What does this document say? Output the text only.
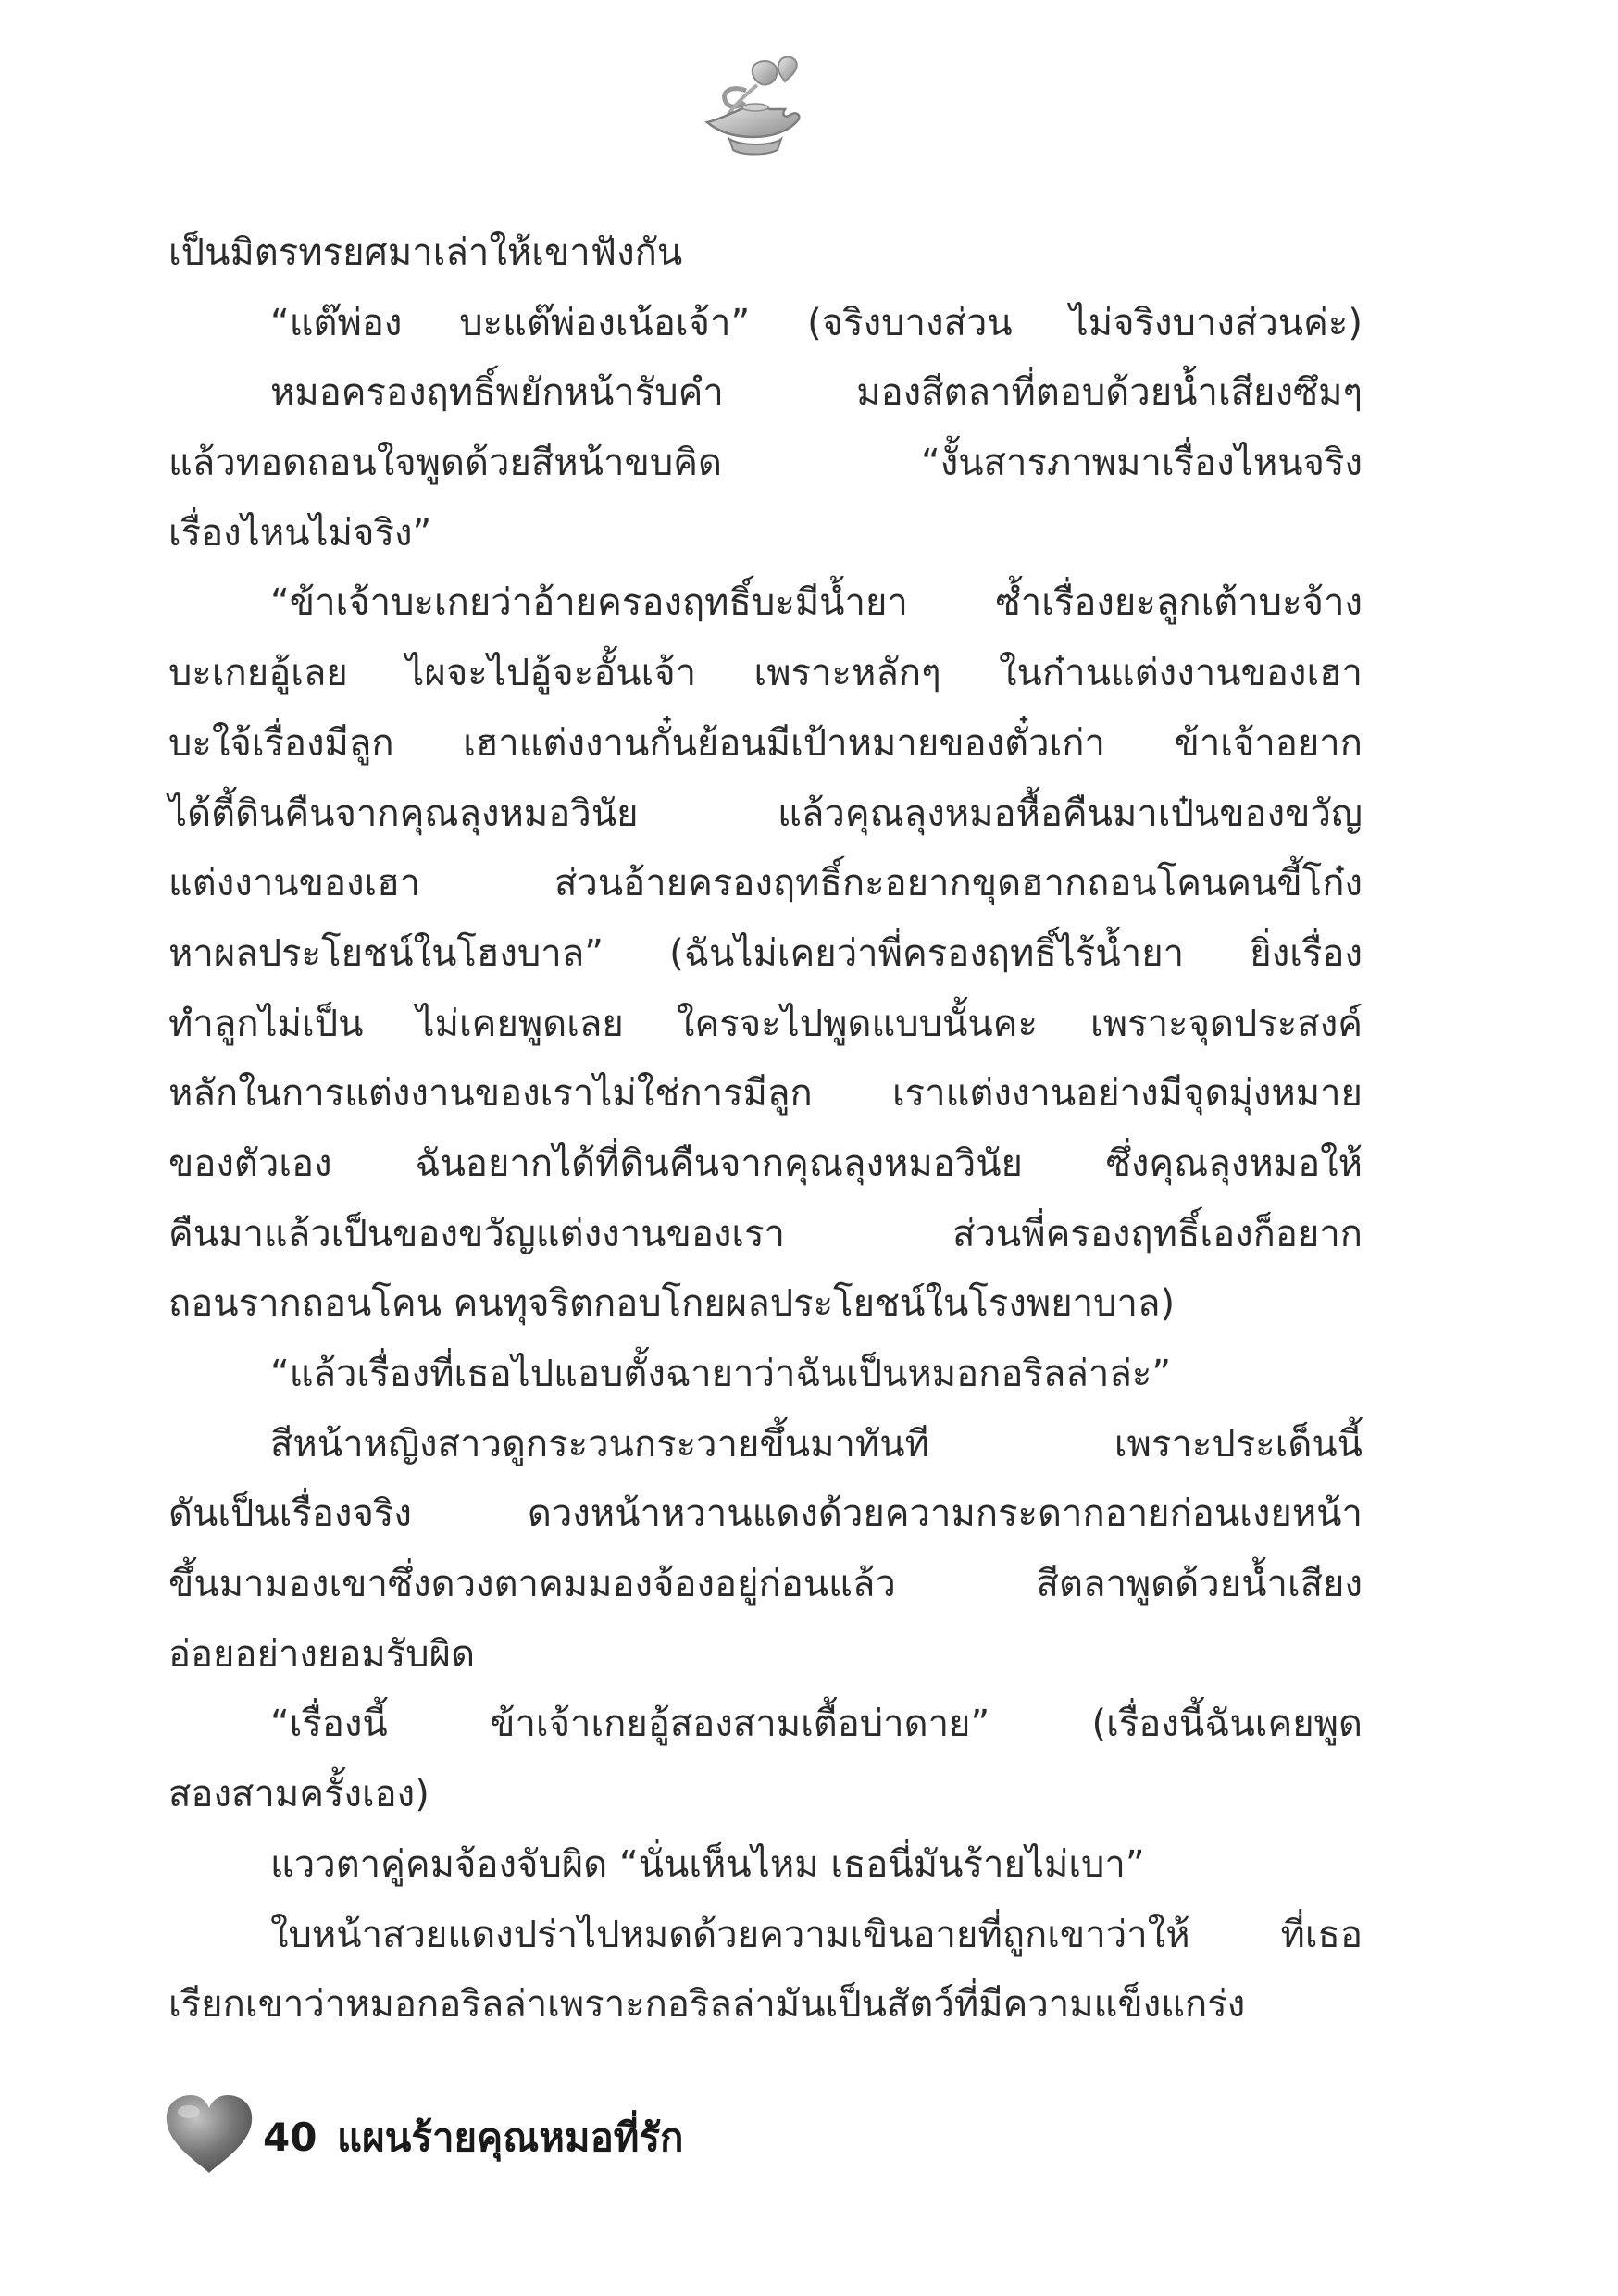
เป็นมิตรทรยศมาเล่าให้เขาฟังกัน
“แต๊พ่อง บะแต๊พ่องเน้อเจ้า” (จริงบางส่วน ไม่จริงบางส่วนค่ะ)
หมอครองฤทธิ์พยักหน้ารับคำ มองสีตลาที่ตอบด้วยน้ำเสียงซึมๆ
แล้วทอดถอนใจพูดด้วยสีหน้าขบคิด “งั้นสารภาพมาเรื่องไหนจริง
เรื่องไหนไม่จริง”
“ข้าเจ้าบะเกยว่าอ้ายครองฤทธิ์บะมีน้ำยา ซ้ำเรื่องยะลูกเต้าบะจ้าง
บะเกยอู้เลย ไผจะไปอู้จะอั้นเจ้า เพราะหลักๆ ในก๋านแต่งงานของเฮา
บะใจ้เรื่องมีลูก เฮาแต่งงานกั๋นย้อนมีเป้าหมายของตั๋วเก่า ข้าเจ้าอยาก
ได้ตี้ดินคืนจากคุณลุงหมอวินัย แล้วคุณลุงหมอหื้อคืนมาเป๋นของขวัญ
แต่งงานของเฮา ส่วนอ้ายครองฤทธิ์กะอยากขุดฮากถอนโคนคนขี้โก๋ง
หาผลประโยชน์ในโฮงบาล” (ฉันไม่เคยว่าพี่ครองฤทธิ์ไร้น้ำยา ยิ่งเรื่อง
ทำลูกไม่เป็น ไม่เคยพูดเลย ใครจะไปพูดแบบนั้นคะ เพราะจุดประสงค์
หลักในการแต่งงานของเราไม่ใช่การมีลูก เราแต่งงานอย่างมีจุดมุ่งหมาย
ของตัวเอง ฉันอยากได้ที่ดินคืนจากคุณลุงหมอวินัย ซึ่งคุณลุงหมอให้
คืนมาแล้วเป็นของขวัญแต่งงานของเรา ส่วนพี่ครองฤทธิ์เองก็อยาก
ถอนรากถอนโคน คนทุจริตกอบโกยผลประโยชน์ในโรงพยาบาล)
“แล้วเรื่องที่เธอไปแอบตั้งฉายาว่าฉันเป็นหมอกอริลล่าล่ะ”
สีหน้าหญิงสาวดูกระวนกระวายขึ้นมาทันที เพราะประเด็นนี้
ดันเป็นเรื่องจริง ดวงหน้าหวานแดงด้วยความกระดากอายก่อนเงยหน้า
ขึ้นมามองเขาซึ่งดวงตาคมมองจ้องอยู่ก่อนแล้ว สีตลาพูดด้วยน้ำเสียง
อ่อยอย่างยอมรับผิด
“เรื่องนี้ ข้าเจ้าเกยอู้สองสามเตื้อบ่าดาย” (เรื่องนี้ฉันเคยพูด
สองสามครั้งเอง)
แววตาคู่คมจ้องจับผิด “นั่นเห็นไหม เธอนี่มันร้ายไม่เบา”
ใบหน้าสวยแดงปร่าไปหมดด้วยความเขินอายที่ถูกเขาว่าให้ ที่เธอ
เรียกเขาว่าหมอกอริลล่าเพราะกอริลล่ามันเป็นสัตว์ที่มีความแข็งแกร่ง
40 แผนร้ายคุณหมอที่รัก
